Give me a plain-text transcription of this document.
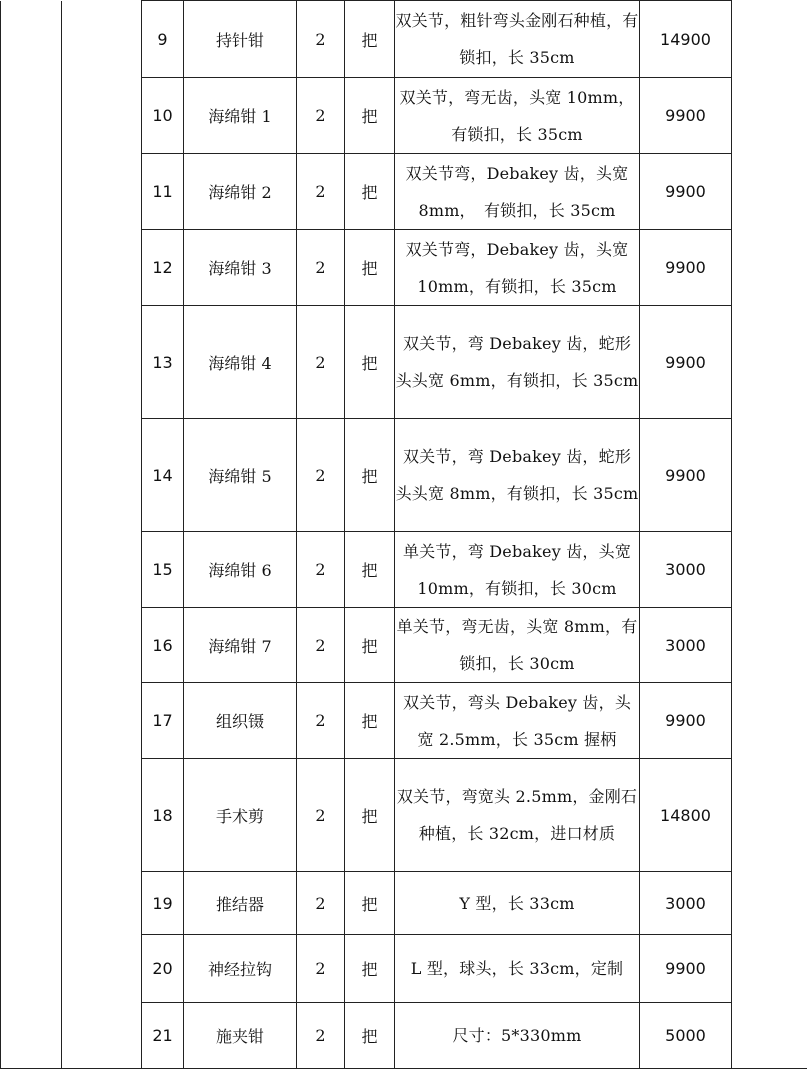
		9	持针钳	2	把	双关节，粗针弯头金刚石种植，有锁扣，长 35cm	14900	
		10	海绵钳 1	2	把	双关节，弯无齿，头宽 10mm，有锁扣，长 35cm	9900	
		11	海绵钳 2	2	把	双关节弯，Debakey 齿，头宽 8mm，　有锁扣，长 35cm	9900	
		12	海绵钳 3	2	把	双关节弯，Debakey 齿，头宽 10mm，有锁扣，长 35cm	9900	
		13	海绵钳 4	2	把	双关节，弯 Debakey 齿，蛇形头头宽 6mm，有锁扣，长 35cm	9900	
		14	海绵钳 5	2	把	双关节，弯 Debakey 齿，蛇形头头宽 8mm，有锁扣，长 35cm	9900	
		15	海绵钳 6	2	把	单关节，弯 Debakey 齿，头宽 10mm，有锁扣，长 30cm	3000	
		16	海绵钳 7	2	把	单关节，弯无齿，头宽 8mm，有锁扣，长 30cm	3000	
		17	组织镊	2	把	双关节，弯头 Debakey 齿，头宽 2.5mm，长 35cm 握柄	9900	
		18	手术剪	2	把	双关节，弯宽头 2.5mm，金刚石种植，长 32cm，进口材质	14800	
		19	推结器	2	把	Y 型，长 33cm	3000	
		20	神经拉钩	2	把	L 型，球头，长 33cm，定制	9900	
		21	施夹钳	2	把	尺寸：5*330mm	5000	
